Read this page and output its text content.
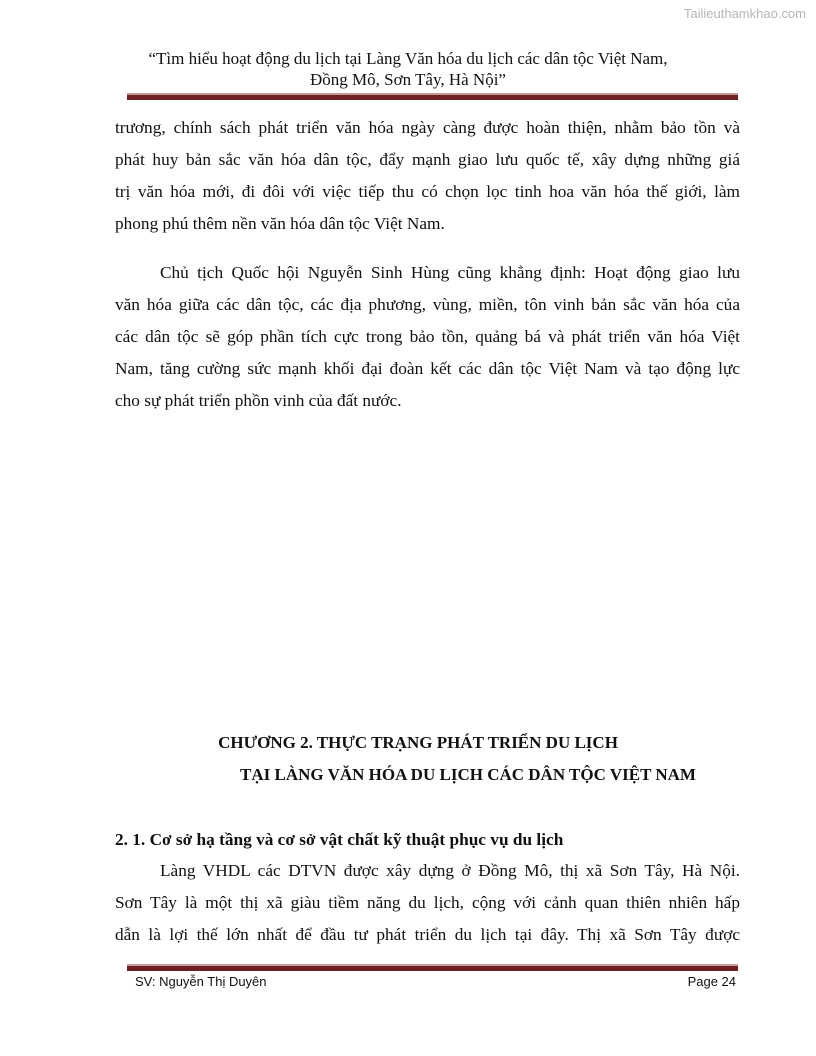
Tailieuthamkhao.com
“Tìm hiểu hoạt động du lịch tại Làng Văn hóa du lịch các dân tộc Việt Nam,
Đồng Mô, Sơn Tây, Hà Nội”
trương, chính sách phát triển văn hóa ngày càng được hoàn thiện, nhằm bảo tồn và
phát huy bản sắc văn hóa dân tộc, đẩy mạnh giao lưu quốc tế, xây dựng những giá
trị văn hóa mới, đi đôi với việc tiếp thu có chọn lọc tinh hoa văn hóa thế giới, làm
phong phú thêm nền văn hóa dân tộc Việt Nam.
Chủ tịch Quốc hội Nguyễn Sinh Hùng cũng khẳng định: Hoạt động giao lưu
văn hóa giữa các dân tộc, các địa phương, vùng, miền, tôn vinh bản sắc văn hóa của
các dân tộc sẽ góp phần tích cực trong bảo tồn, quảng bá và phát triển văn hóa Việt
Nam, tăng cường sức mạnh khối đại đoàn kết các dân tộc Việt Nam và tạo động lực
cho sự phát triển phồn vinh của đất nước.
CHƯƠNG 2. THỰC TRẠNG PHÁT TRIỂN DU LỊCH
TẠI LÀNG VĂN HÓA DU LỊCH CÁC DÂN TỘC VIỆT NAM
2. 1. Cơ sở hạ tầng và cơ sở vật chất kỹ thuật phục vụ du lịch
Làng VHDL các DTVN được xây dựng ở Đồng Mô, thị xã Sơn Tây, Hà Nội.
Sơn Tây là một thị xã giàu tiềm năng du lịch, cộng với cảnh quan thiên nhiên hấp
dẫn là lợi thế lớn nhất để đầu tư phát triển du lịch tại đây. Thị xã Sơn Tây được
SV: Nguyễn Thị Duyên	Page 24
